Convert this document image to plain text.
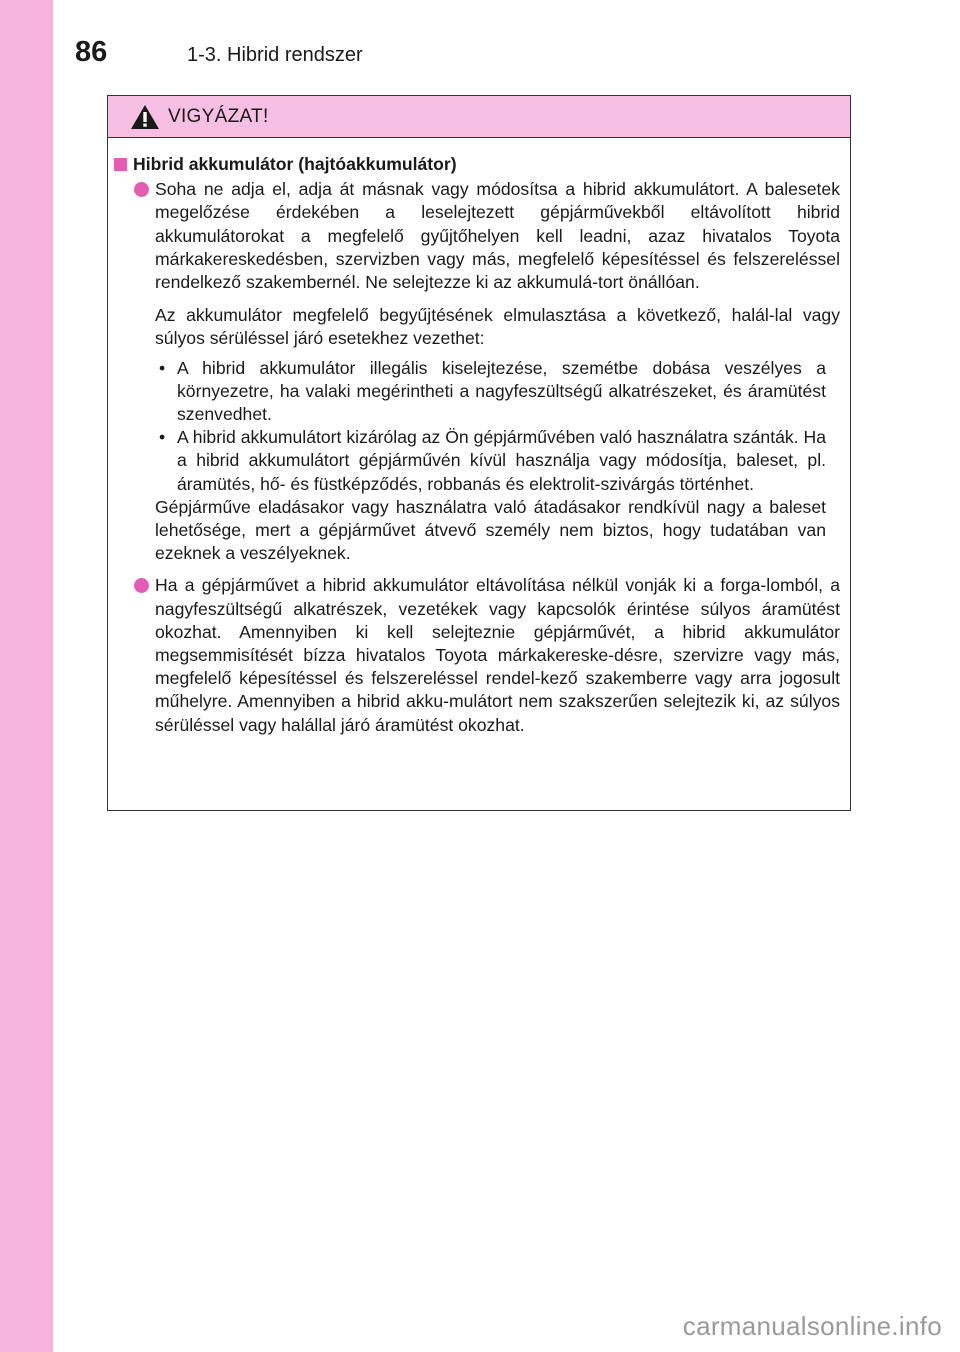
86	1-3. Hibrid rendszer
VIGYÁZAT!
Hibrid akkumulátor (hajtóakkumulátor)
Soha ne adja el, adja át másnak vagy módosítsa a hibrid akkumulátort. A balesetek megelőzése érdekében a leselejtezett gépjárművekből eltávolított hibrid akkumulátorokat a megfelelő gyűjtőhelyen kell leadni, azaz hivatalos Toyota márkakereskedésben, szervizben vagy más, megfelelő képesítéssel és felszereléssel rendelkező szakembernél. Ne selejtezze ki az akkumulá-tort önállóan.
Az akkumulátor megfelelő begyűjtésének elmulasztása a következő, halál-lal vagy súlyos sérüléssel járó esetekhez vezethet:
• A hibrid akkumulátor illegális kiselejtezése, szemétbe dobása veszélyes a környezetre, ha valaki megérintheti a nagyfeszültségű alkatrészeket, és áramütést szenvedhet.
• A hibrid akkumulátort kizárólag az Ön gépjárművében való használatra szánták. Ha a hibrid akkumulátort gépjárművén kívül használja vagy módosítja, baleset, pl. áramütés, hő- és füstképződés, robbanás és elektrolit-szivárgás történhet.
Gépjárműve eladásakor vagy használatra való átadásakor rendkívül nagy a baleset lehetősége, mert a gépjárművet átvevő személy nem biztos, hogy tudatában van ezeknek a veszélyeknek.
Ha a gépjárművet a hibrid akkumulátor eltávolítása nélkül vonják ki a forga-lomból, a nagyfeszültségű alkatrészek, vezetékek vagy kapcsolók érintése súlyos áramütést okozhat. Amennyiben ki kell selejteznie gépjárművét, a hibrid akkumulátor megsemmisítését bízza hivatalos Toyota márkakereske-désre, szervizre vagy más, megfelelő képesítéssel és felszereléssel rendel-kező szakemberre vagy arra jogosult műhelyre. Amennyiben a hibrid akku-mulátort nem szakszerűen selejtezik ki, az súlyos sérüléssel vagy halállal járó áramütést okozhat.
carmanualsonline.info
